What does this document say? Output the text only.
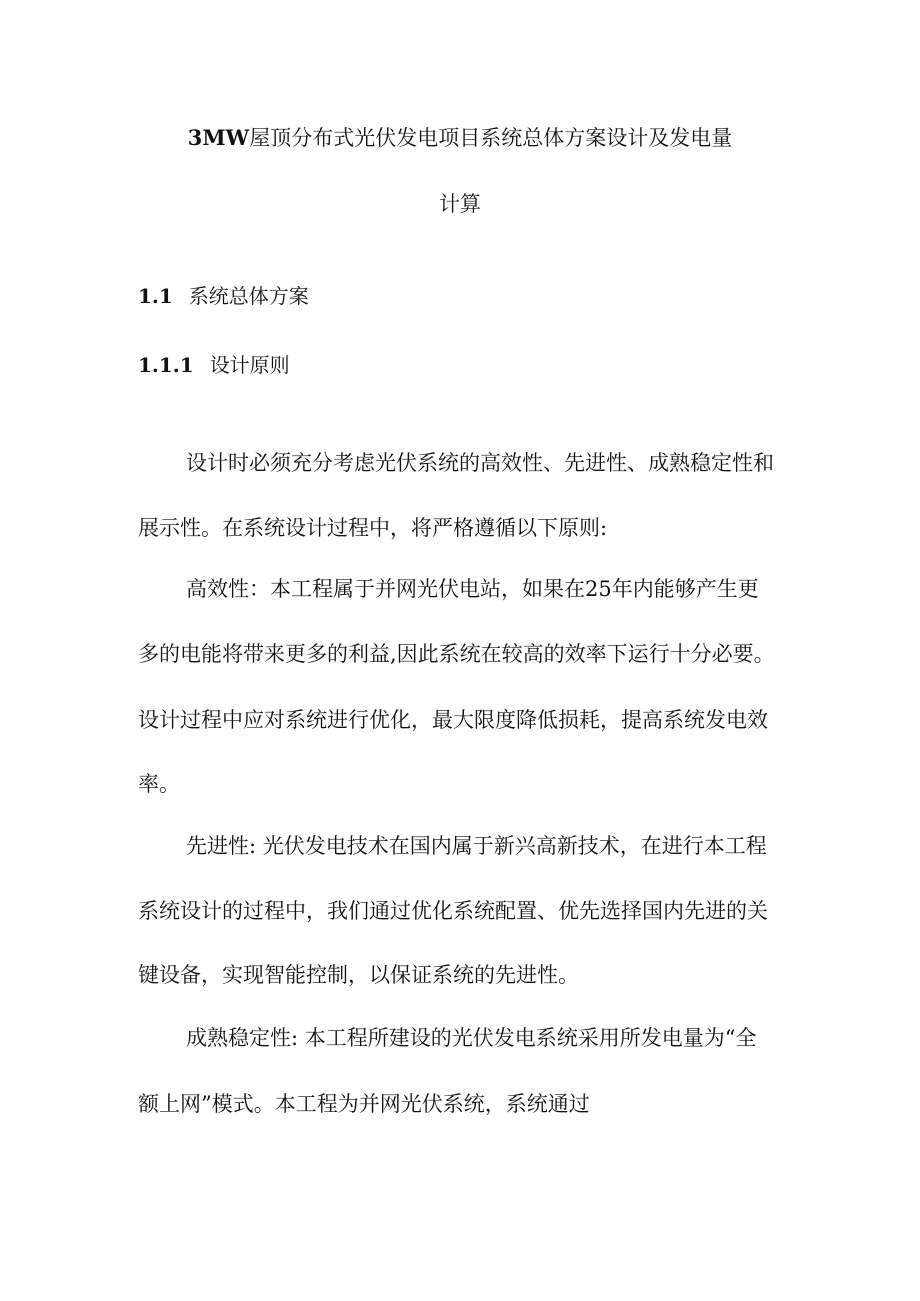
3MW屋顶分布式光伏发电项目系统总体方案设计及发电量
计算
1.1 系统总体方案
1.1.1 设计原则
设计时必须充分考虑光伏系统的高效性、先进性、成熟稳定性和
展示性。在系统设计过程中，将严格遵循以下原则:
高效性：本工程属于并网光伏电站，如果在25年内能够产生更
多的电能将带来更多的利益,因此系统在较高的效率下运行十分必要。
设计过程中应对系统进行优化，最大限度降低损耗，提高系统发电效
率。
先进性: 光伏发电技术在国内属于新兴高新技术，在进行本工程
系统设计的过程中，我们通过优化系统配置、优先选择国内先进的关
键设备，实现智能控制，以保证系统的先进性。
成熟稳定性: 本工程所建设的光伏发电系统采用所发电量为“全
额上网”模式。本工程为并网光伏系统，系统通过
